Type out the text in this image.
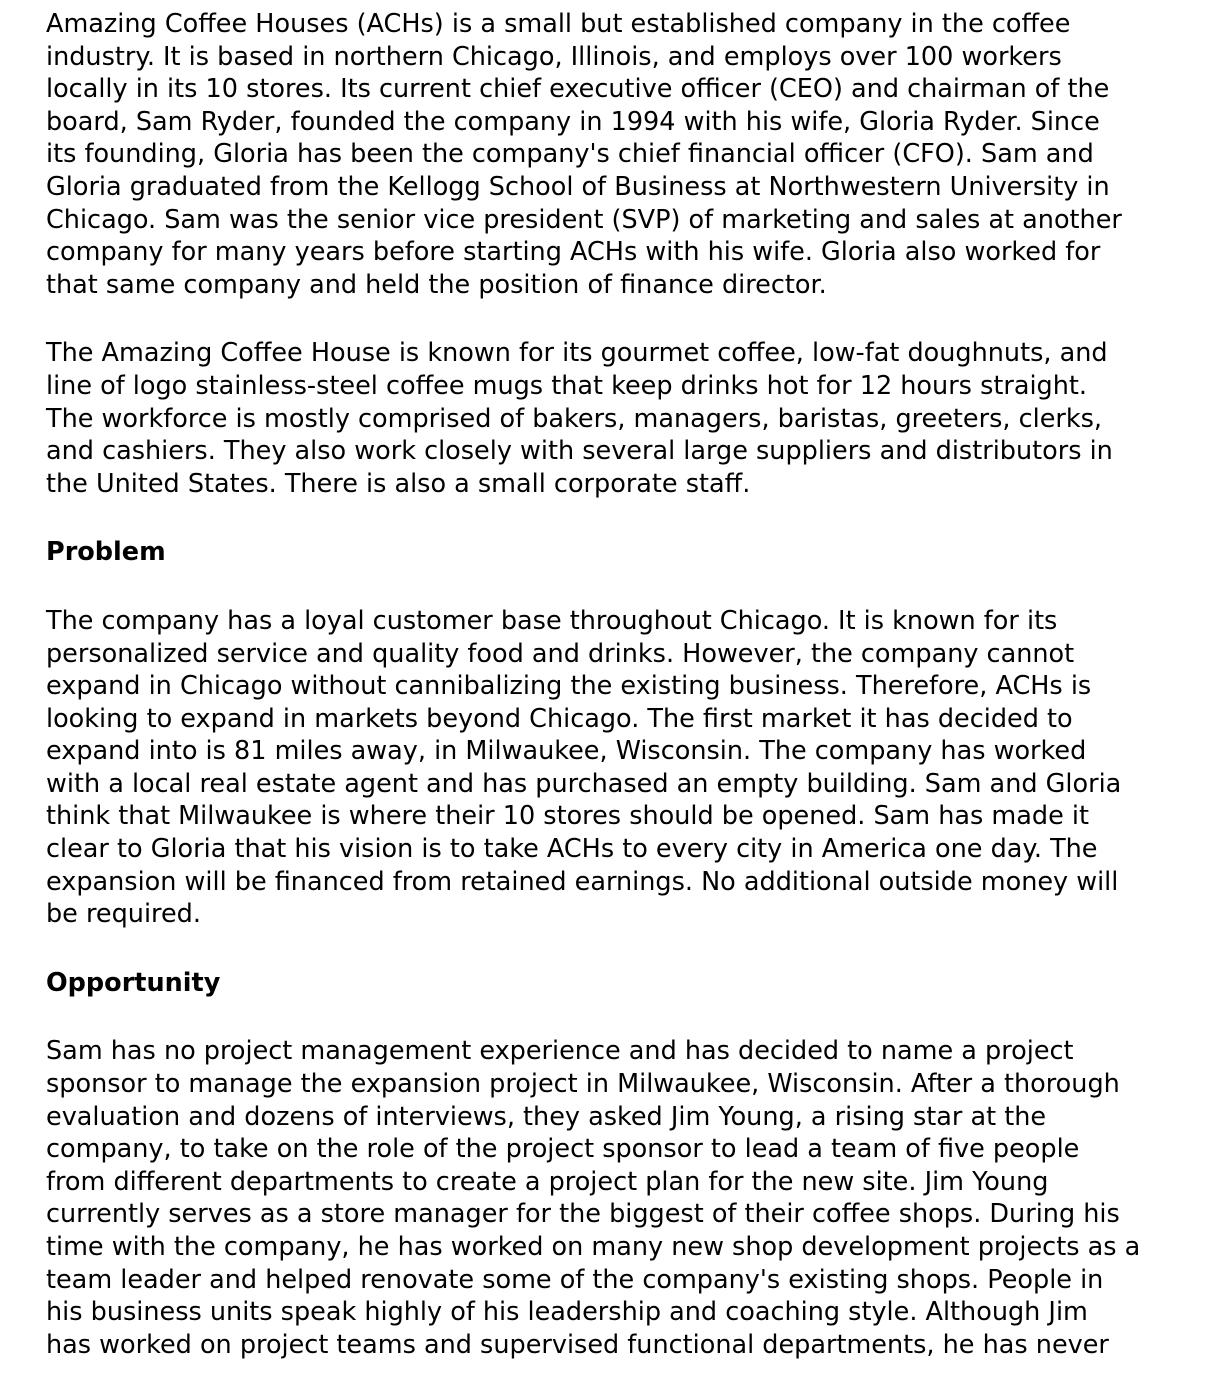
Amazing Coffee Houses (ACHs) is a small but established company in the coffee
industry. It is based in northern Chicago, Illinois, and employs over 100 workers
locally in its 10 stores. Its current chief executive officer (CEO) and chairman of the
board, Sam Ryder, founded the company in 1994 with his wife, Gloria Ryder. Since
its founding, Gloria has been the company's chief financial officer (CFO). Sam and
Gloria graduated from the Kellogg School of Business at Northwestern University in
Chicago. Sam was the senior vice president (SVP) of marketing and sales at another
company for many years before starting ACHs with his wife. Gloria also worked for
that same company and held the position of finance director.

The Amazing Coffee House is known for its gourmet coffee, low-fat doughnuts, and
line of logo stainless-steel coffee mugs that keep drinks hot for 12 hours straight.
The workforce is mostly comprised of bakers, managers, baristas, greeters, clerks,
and cashiers. They also work closely with several large suppliers and distributors in
the United States. There is also a small corporate staff.

Problem

The company has a loyal customer base throughout Chicago. It is known for its
personalized service and quality food and drinks. However, the company cannot
expand in Chicago without cannibalizing the existing business. Therefore, ACHs is
looking to expand in markets beyond Chicago. The first market it has decided to
expand into is 81 miles away, in Milwaukee, Wisconsin. The company has worked
with a local real estate agent and has purchased an empty building. Sam and Gloria
think that Milwaukee is where their 10 stores should be opened. Sam has made it
clear to Gloria that his vision is to take ACHs to every city in America one day. The
expansion will be financed from retained earnings. No additional outside money will
be required.

Opportunity

Sam has no project management experience and has decided to name a project
sponsor to manage the expansion project in Milwaukee, Wisconsin. After a thorough
evaluation and dozens of interviews, they asked Jim Young, a rising star at the
company, to take on the role of the project sponsor to lead a team of five people
from different departments to create a project plan for the new site. Jim Young
currently serves as a store manager for the biggest of their coffee shops. During his
time with the company, he has worked on many new shop development projects as a
team leader and helped renovate some of the company's existing shops. People in
his business units speak highly of his leadership and coaching style. Although Jim
has worked on project teams and supervised functional departments, he has never
